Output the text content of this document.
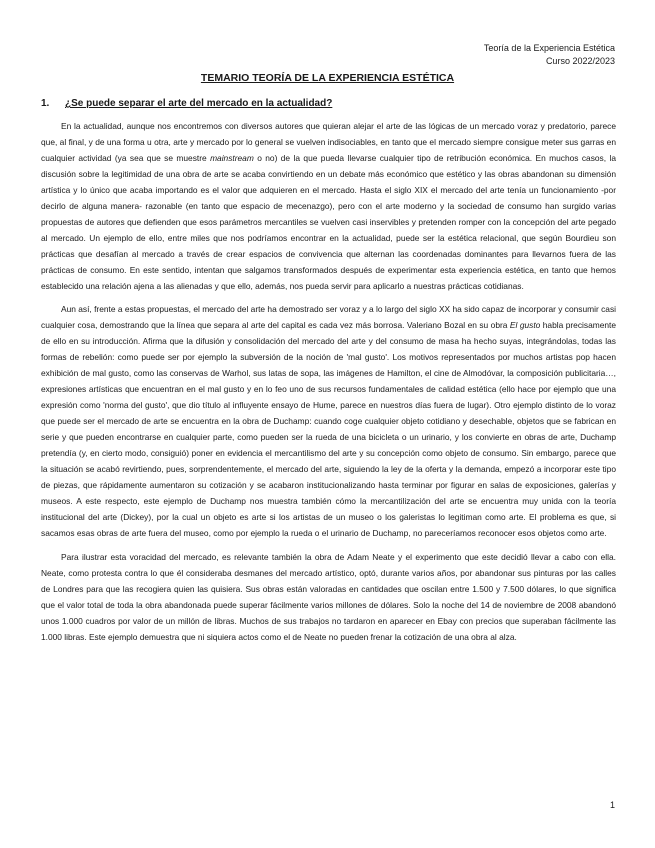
Teoría de la Experiencia Estética
Curso 2022/2023
TEMARIO TEORÍA DE LA EXPERIENCIA ESTÉTICA
1. ¿Se puede separar el arte del mercado en la actualidad?

En la actualidad, aunque nos encontremos con diversos autores que quieran alejar el arte de las lógicas de un mercado voraz y predatorio, parece que, al final, y de una forma u otra, arte y mercado por lo general se vuelven indisociables, en tanto que el mercado siempre consigue meter sus garras en cualquier actividad (ya sea que se muestre mainstream o no) de la que pueda llevarse cualquier tipo de retribución económica. En muchos casos, la discusión sobre la legitimidad de una obra de arte se acaba convirtiendo en un debate más económico que estético y las obras abandonan su dimensión artística y lo único que acaba importando es el valor que adquieren en el mercado. Hasta el siglo XIX el mercado del arte tenía un funcionamiento -por decirlo de alguna manera- razonable (en tanto que espacio de mecenazgo), pero con el arte moderno y la sociedad de consumo han surgido varias propuestas de autores que defienden que esos parámetros mercantiles se vuelven casi inservibles y pretenden romper con la concepción del arte pegado al mercado. Un ejemplo de ello, entre miles que nos podríamos encontrar en la actualidad, puede ser la estética relacional, que según Bourdieu son prácticas que desafían al mercado a través de crear espacios de convivencia que alternan las coordenadas dominantes para llevarnos fuera de las prácticas de consumo. En este sentido, intentan que salgamos transformados después de experimentar esta experiencia estética, en tanto que hemos establecido una relación ajena a las alienadas y que ello, además, nos pueda servir para aplicarlo a nuestras prácticas cotidianas.

Aun así, frente a estas propuestas, el mercado del arte ha demostrado ser voraz y a lo largo del siglo XX ha sido capaz de incorporar y consumir casi cualquier cosa, demostrando que la línea que separa al arte del capital es cada vez más borrosa. Valeriano Bozal en su obra El gusto habla precisamente de ello en su introducción. Afirma que la difusión y consolidación del mercado del arte y del consumo de masa ha hecho suyas, integrándolas, todas las formas de rebelión: como puede ser por ejemplo la subversión de la noción de 'mal gusto'. Los motivos representados por muchos artistas pop hacen exhibición de mal gusto, como las conservas de Warhol, sus latas de sopa, las imágenes de Hamilton, el cine de Almodóvar, la composición publicitaria…, expresiones artísticas que encuentran en el mal gusto y en lo feo uno de sus recursos fundamentales de calidad estética (ello hace por ejemplo que una expresión como 'norma del gusto', que dio título al influyente ensayo de Hume, parece en nuestros días fuera de lugar). Otro ejemplo distinto de lo voraz que puede ser el mercado de arte se encuentra en la obra de Duchamp: cuando coge cualquier objeto cotidiano y desechable, objetos que se fabrican en serie y que pueden encontrarse en cualquier parte, como pueden ser la rueda de una bicicleta o un urinario, y los convierte en obras de arte, Duchamp pretendía (y, en cierto modo, consiguió) poner en evidencia el mercantilismo del arte y su concepción como objeto de consumo. Sin embargo, parece que la situación se acabó revirtiendo, pues, sorprendentemente, el mercado del arte, siguiendo la ley de la oferta y la demanda, empezó a incorporar este tipo de piezas, que rápidamente aumentaron su cotización y se acabaron institucionalizando hasta terminar por figurar en salas de exposiciones, galerías y museos. A este respecto, este ejemplo de Duchamp nos muestra también cómo la mercantilización del arte se encuentra muy unida con la teoría institucional del arte (Dickey), por la cual un objeto es arte si los artistas de un museo o los galeristas lo legitiman como arte. El problema es que, si sacamos esas obras de arte fuera del museo, como por ejemplo la rueda o el urinario de Duchamp, no pareceríamos reconocer esos objetos como arte.

Para ilustrar esta voracidad del mercado, es relevante también la obra de Adam Neate y el experimento que este decidió llevar a cabo con ella. Neate, como protesta contra lo que él consideraba desmanes del mercado artístico, optó, durante varios años, por abandonar sus pinturas por las calles de Londres para que las recogiera quien las quisiera. Sus obras están valoradas en cantidades que oscilan entre 1.500 y 7.500 dólares, lo que significa que el valor total de toda la obra abandonada puede superar fácilmente varios millones de dólares. Solo la noche del 14 de noviembre de 2008 abandonó unos 1.000 cuadros por valor de un millón de libras. Muchos de sus trabajos no tardaron en aparecer en Ebay con precios que superaban fácilmente las 1.000 libras. Este ejemplo demuestra que ni siquiera actos como el de Neate no pueden frenar la cotización de una obra al alza.

1
